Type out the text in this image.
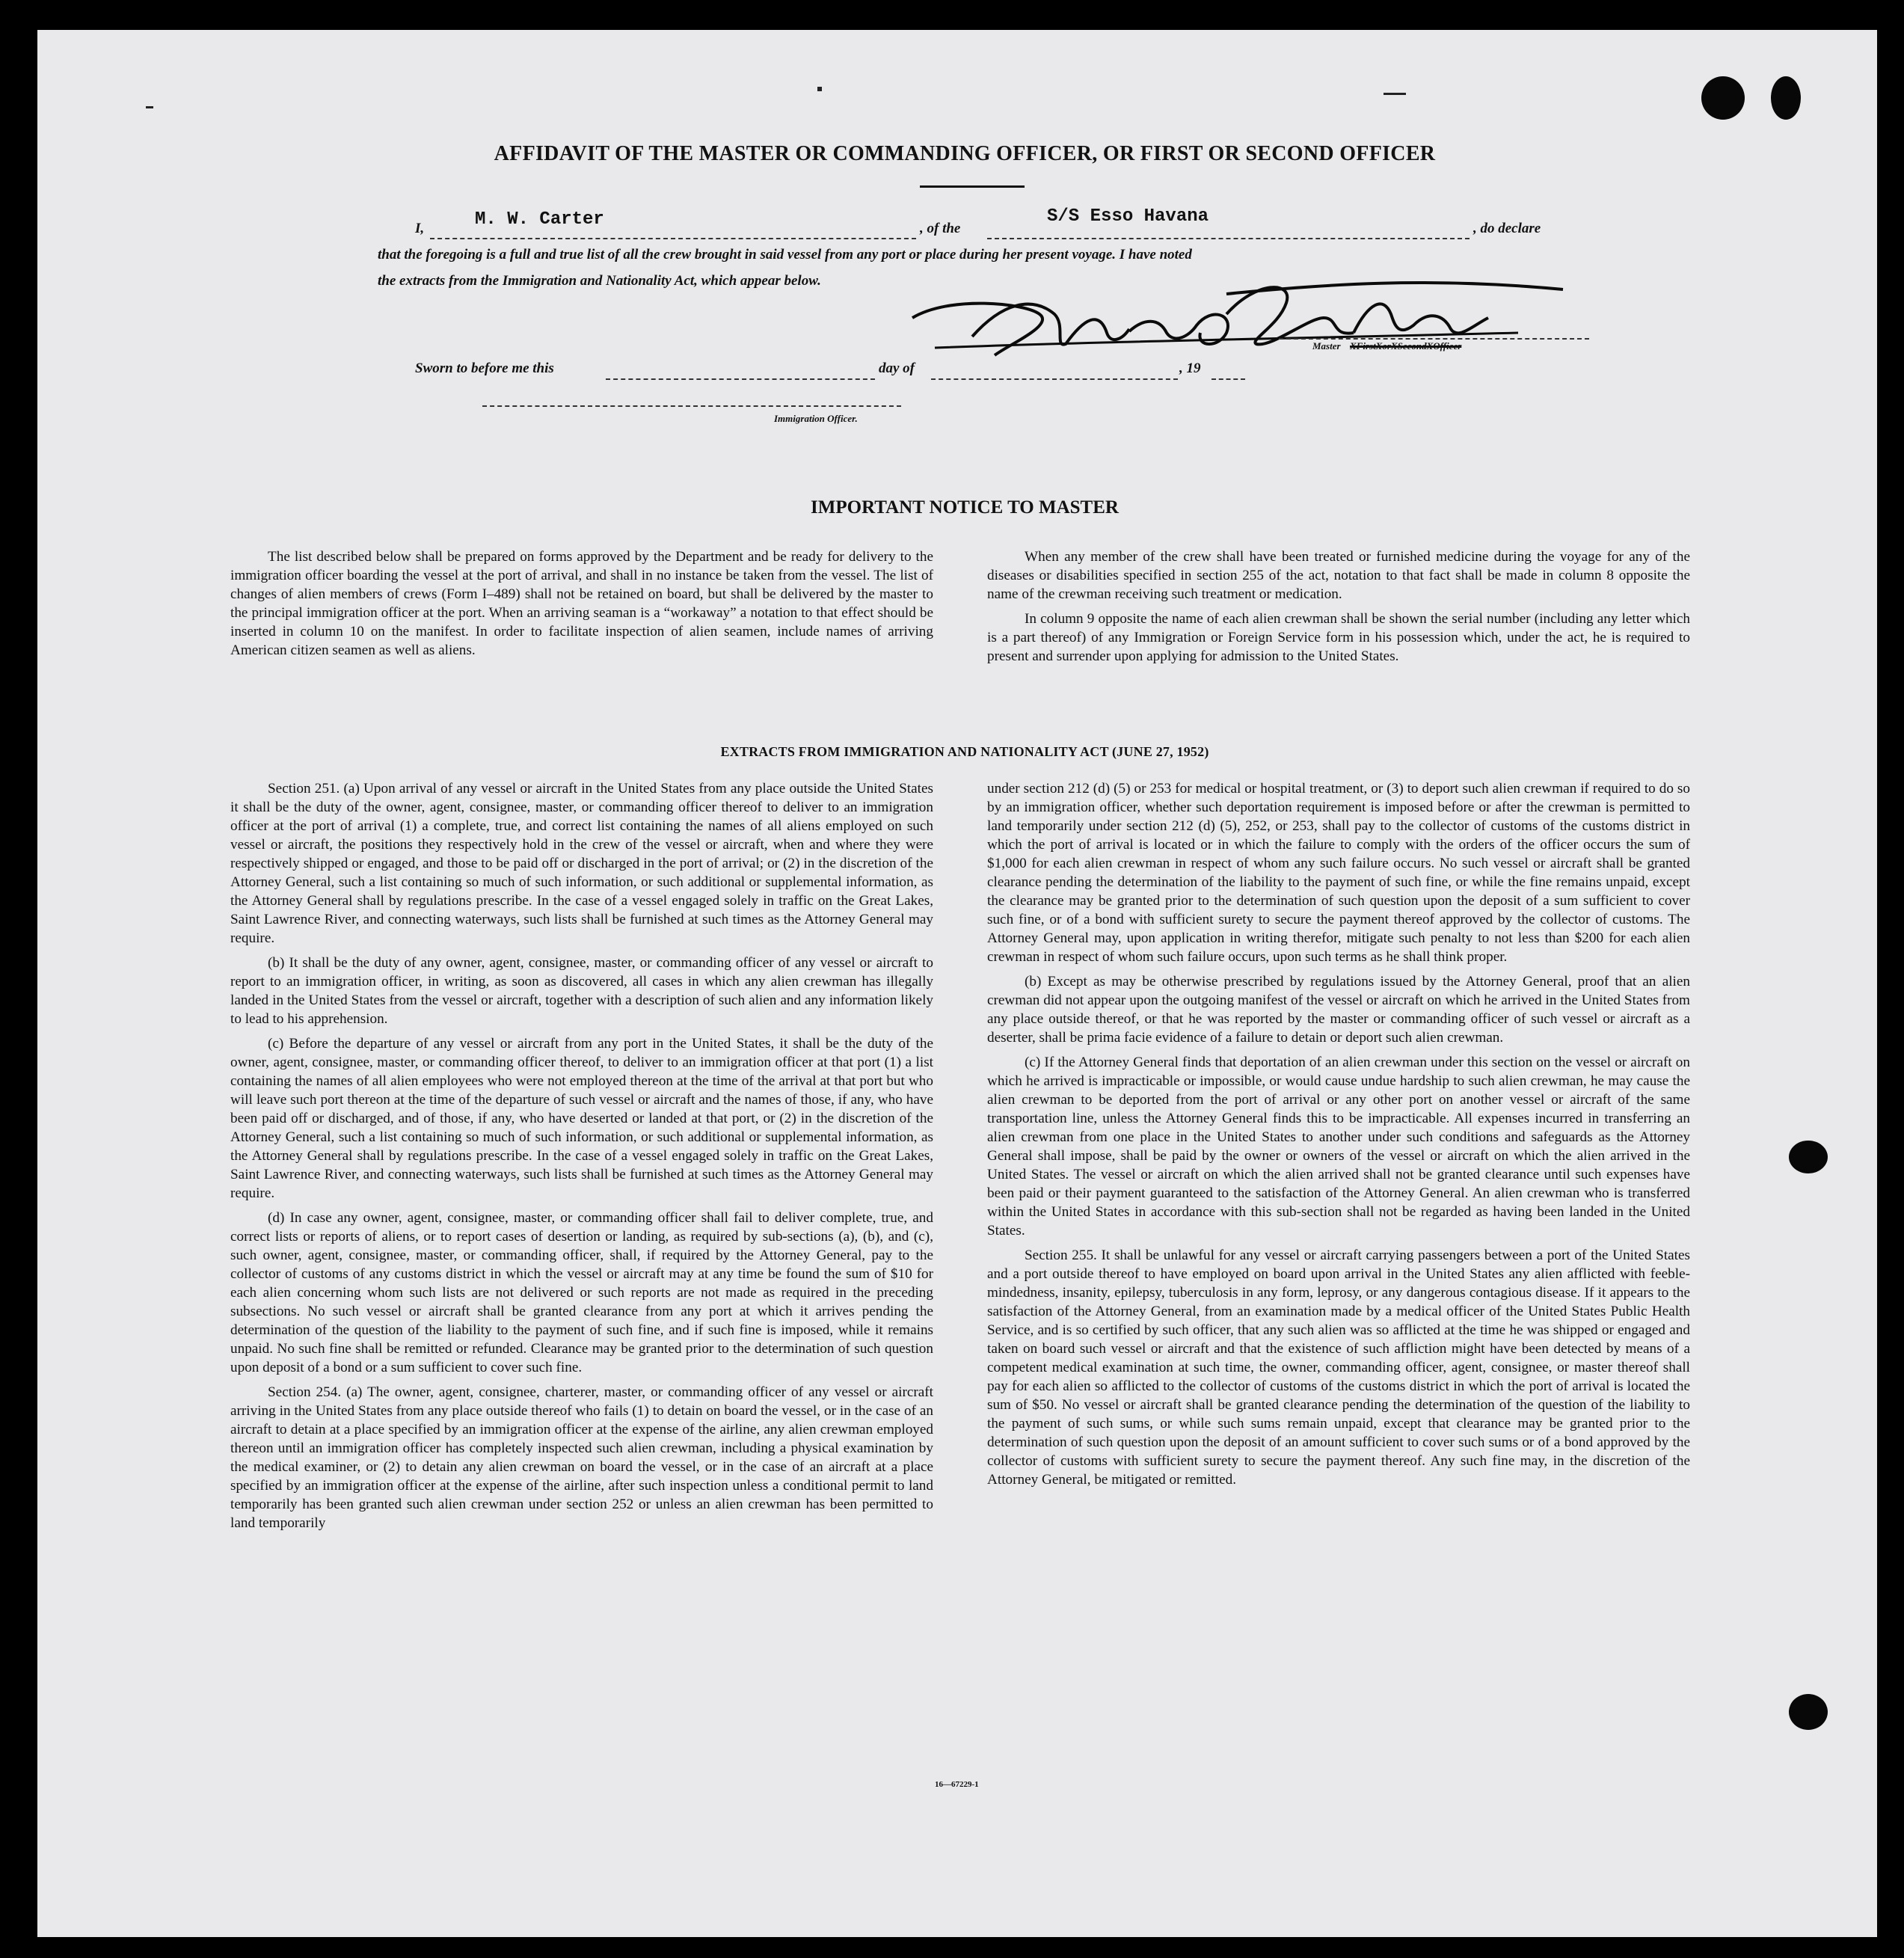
AFFIDAVIT OF THE MASTER OR COMMANDING OFFICER, OR FIRST OR SECOND OFFICER
I,	M. W. Carter	, of the
S/S Esso Havana
, do declare
that the foregoing is a full and true list of all the crew brought in said vessel from any port or place during her present voyage. I have noted
the extracts from the Immigration and Nationality Act, which appear below.
Master XFirstXorXSecondXOfficer
Sworn to before me this	day of	, 19
Immigration Officer.
IMPORTANT NOTICE TO MASTER

The list described below shall be prepared on forms approved by the Department and be ready for delivery to the immigration officer boarding the vessel at the port of arrival, and shall in no instance be taken from the vessel. The list of changes of alien members of crews (Form I–489) shall not be retained on board, but shall be delivered by the master to the principal immigration officer at the port. When an arriving seaman is a “workaway” a notation to that effect should be inserted in column 10 on the manifest. In order to facilitate inspection of alien seamen, include names of arriving American citizen seamen as well as aliens.

When any member of the crew shall have been treated or furnished medicine during the voyage for any of the diseases or disabilities specified in section 255 of the act, notation to that fact shall be made in column 8 opposite the name of the crewman receiving such treatment or medication.

In column 9 opposite the name of each alien crewman shall be shown the serial number (including any letter which is a part thereof) of any Immigration or Foreign Service form in his possession which, under the act, he is required to present and surrender upon applying for admission to the United States.

EXTRACTS FROM IMMIGRATION AND NATIONALITY ACT (JUNE 27, 1952)

Section 251. (a) Upon arrival of any vessel or aircraft in the United States from any place outside the United States it shall be the duty of the owner, agent, consignee, master, or commanding officer thereof to deliver to an immigration officer at the port of arrival (1) a complete, true, and correct list containing the names of all aliens employed on such vessel or aircraft, the positions they respectively hold in the crew of the vessel or aircraft, when and where they were respectively shipped or engaged, and those to be paid off or discharged in the port of arrival; or (2) in the discretion of the Attorney General, such a list containing so much of such information, or such additional or supplemental information, as the Attorney General shall by regulations prescribe. In the case of a vessel engaged solely in traffic on the Great Lakes, Saint Lawrence River, and connecting waterways, such lists shall be furnished at such times as the Attorney General may require.

(b) It shall be the duty of any owner, agent, consignee, master, or commanding officer of any vessel or aircraft to report to an immigration officer, in writing, as soon as discovered, all cases in which any alien crewman has illegally landed in the United States from the vessel or aircraft, together with a description of such alien and any information likely to lead to his apprehension.

(c) Before the departure of any vessel or aircraft from any port in the United States, it shall be the duty of the owner, agent, consignee, master, or commanding officer thereof, to deliver to an immigration officer at that port (1) a list containing the names of all alien employees who were not employed thereon at the time of the arrival at that port but who will leave such port thereon at the time of the departure of such vessel or aircraft and the names of those, if any, who have been paid off or discharged, and of those, if any, who have deserted or landed at that port, or (2) in the discretion of the Attorney General, such a list containing so much of such information, or such additional or supplemental information, as the Attorney General shall by regulations prescribe. In the case of a vessel engaged solely in traffic on the Great Lakes, Saint Lawrence River, and connecting waterways, such lists shall be furnished at such times as the Attorney General may require.

(d) In case any owner, agent, consignee, master, or commanding officer shall fail to deliver complete, true, and correct lists or reports of aliens, or to report cases of desertion or landing, as required by sub-sections (a), (b), and (c), such owner, agent, consignee, master, or commanding officer, shall, if required by the Attorney General, pay to the collector of customs of any customs district in which the vessel or aircraft may at any time be found the sum of $10 for each alien concerning whom such lists are not delivered or such reports are not made as required in the preceding subsections. No such vessel or aircraft shall be granted clearance from any port at which it arrives pending the determination of the question of the liability to the payment of such fine, and if such fine is imposed, while it remains unpaid. No such fine shall be remitted or refunded. Clearance may be granted prior to the determination of such question upon deposit of a bond or a sum sufficient to cover such fine.

Section 254. (a) The owner, agent, consignee, charterer, master, or commanding officer of any vessel or aircraft arriving in the United States from any place outside thereof who fails (1) to detain on board the vessel, or in the case of an aircraft to detain at a place specified by an immigration officer at the expense of the airline, any alien crewman employed thereon until an immigration officer has completely inspected such alien crewman, including a physical examination by the medical examiner, or (2) to detain any alien crewman on board the vessel, or in the case of an aircraft at a place specified by an immigration officer at the expense of the airline, after such inspection unless a conditional permit to land temporarily has been granted such alien crewman under section 252 or unless an alien crewman has been permitted to land temporarily

under section 212 (d) (5) or 253 for medical or hospital treatment, or (3) to deport such alien crewman if required to do so by an immigration officer, whether such deportation requirement is imposed before or after the crewman is permitted to land temporarily under section 212 (d) (5), 252, or 253, shall pay to the collector of customs of the customs district in which the port of arrival is located or in which the failure to comply with the orders of the officer occurs the sum of $1,000 for each alien crewman in respect of whom any such failure occurs. No such vessel or aircraft shall be granted clearance pending the determination of the liability to the payment of such fine, or while the fine remains unpaid, except the clearance may be granted prior to the determination of such question upon the deposit of a sum sufficient to cover such fine, or of a bond with sufficient surety to secure the payment thereof approved by the collector of customs. The Attorney General may, upon application in writing therefor, mitigate such penalty to not less than $200 for each alien crewman in respect of whom such failure occurs, upon such terms as he shall think proper.

(b) Except as may be otherwise prescribed by regulations issued by the Attorney General, proof that an alien crewman did not appear upon the outgoing manifest of the vessel or aircraft on which he arrived in the United States from any place outside thereof, or that he was reported by the master or commanding officer of such vessel or aircraft as a deserter, shall be prima facie evidence of a failure to detain or deport such alien crewman.

(c) If the Attorney General finds that deportation of an alien crewman under this section on the vessel or aircraft on which he arrived is impracticable or impossible, or would cause undue hardship to such alien crewman, he may cause the alien crewman to be deported from the port of arrival or any other port on another vessel or aircraft of the same transportation line, unless the Attorney General finds this to be impracticable. All expenses incurred in transferring an alien crewman from one place in the United States to another under such conditions and safeguards as the Attorney General shall impose, shall be paid by the owner or owners of the vessel or aircraft on which the alien arrived in the United States. The vessel or aircraft on which the alien arrived shall not be granted clearance until such expenses have been paid or their payment guaranteed to the satisfaction of the Attorney General. An alien crewman who is transferred within the United States in accordance with this sub-section shall not be regarded as having been landed in the United States.

Section 255. It shall be unlawful for any vessel or aircraft carrying passengers between a port of the United States and a port outside thereof to have employed on board upon arrival in the United States any alien afflicted with feeble-mindedness, insanity, epilepsy, tuberculosis in any form, leprosy, or any dangerous contagious disease. If it appears to the satisfaction of the Attorney General, from an examination made by a medical officer of the United States Public Health Service, and is so certified by such officer, that any such alien was so afflicted at the time he was shipped or engaged and taken on board such vessel or aircraft and that the existence of such affliction might have been detected by means of a competent medical examination at such time, the owner, commanding officer, agent, consignee, or master thereof shall pay for each alien so afflicted to the collector of customs of the customs district in which the port of arrival is located the sum of $50. No vessel or aircraft shall be granted clearance pending the determination of the question of the liability to the payment of such sums, or while such sums remain unpaid, except that clearance may be granted prior to the determination of such question upon the deposit of an amount sufficient to cover such sums or of a bond approved by the collector of customs with sufficient surety to secure the payment thereof. Any such fine may, in the discretion of the Attorney General, be mitigated or remitted.

16—67229-1
